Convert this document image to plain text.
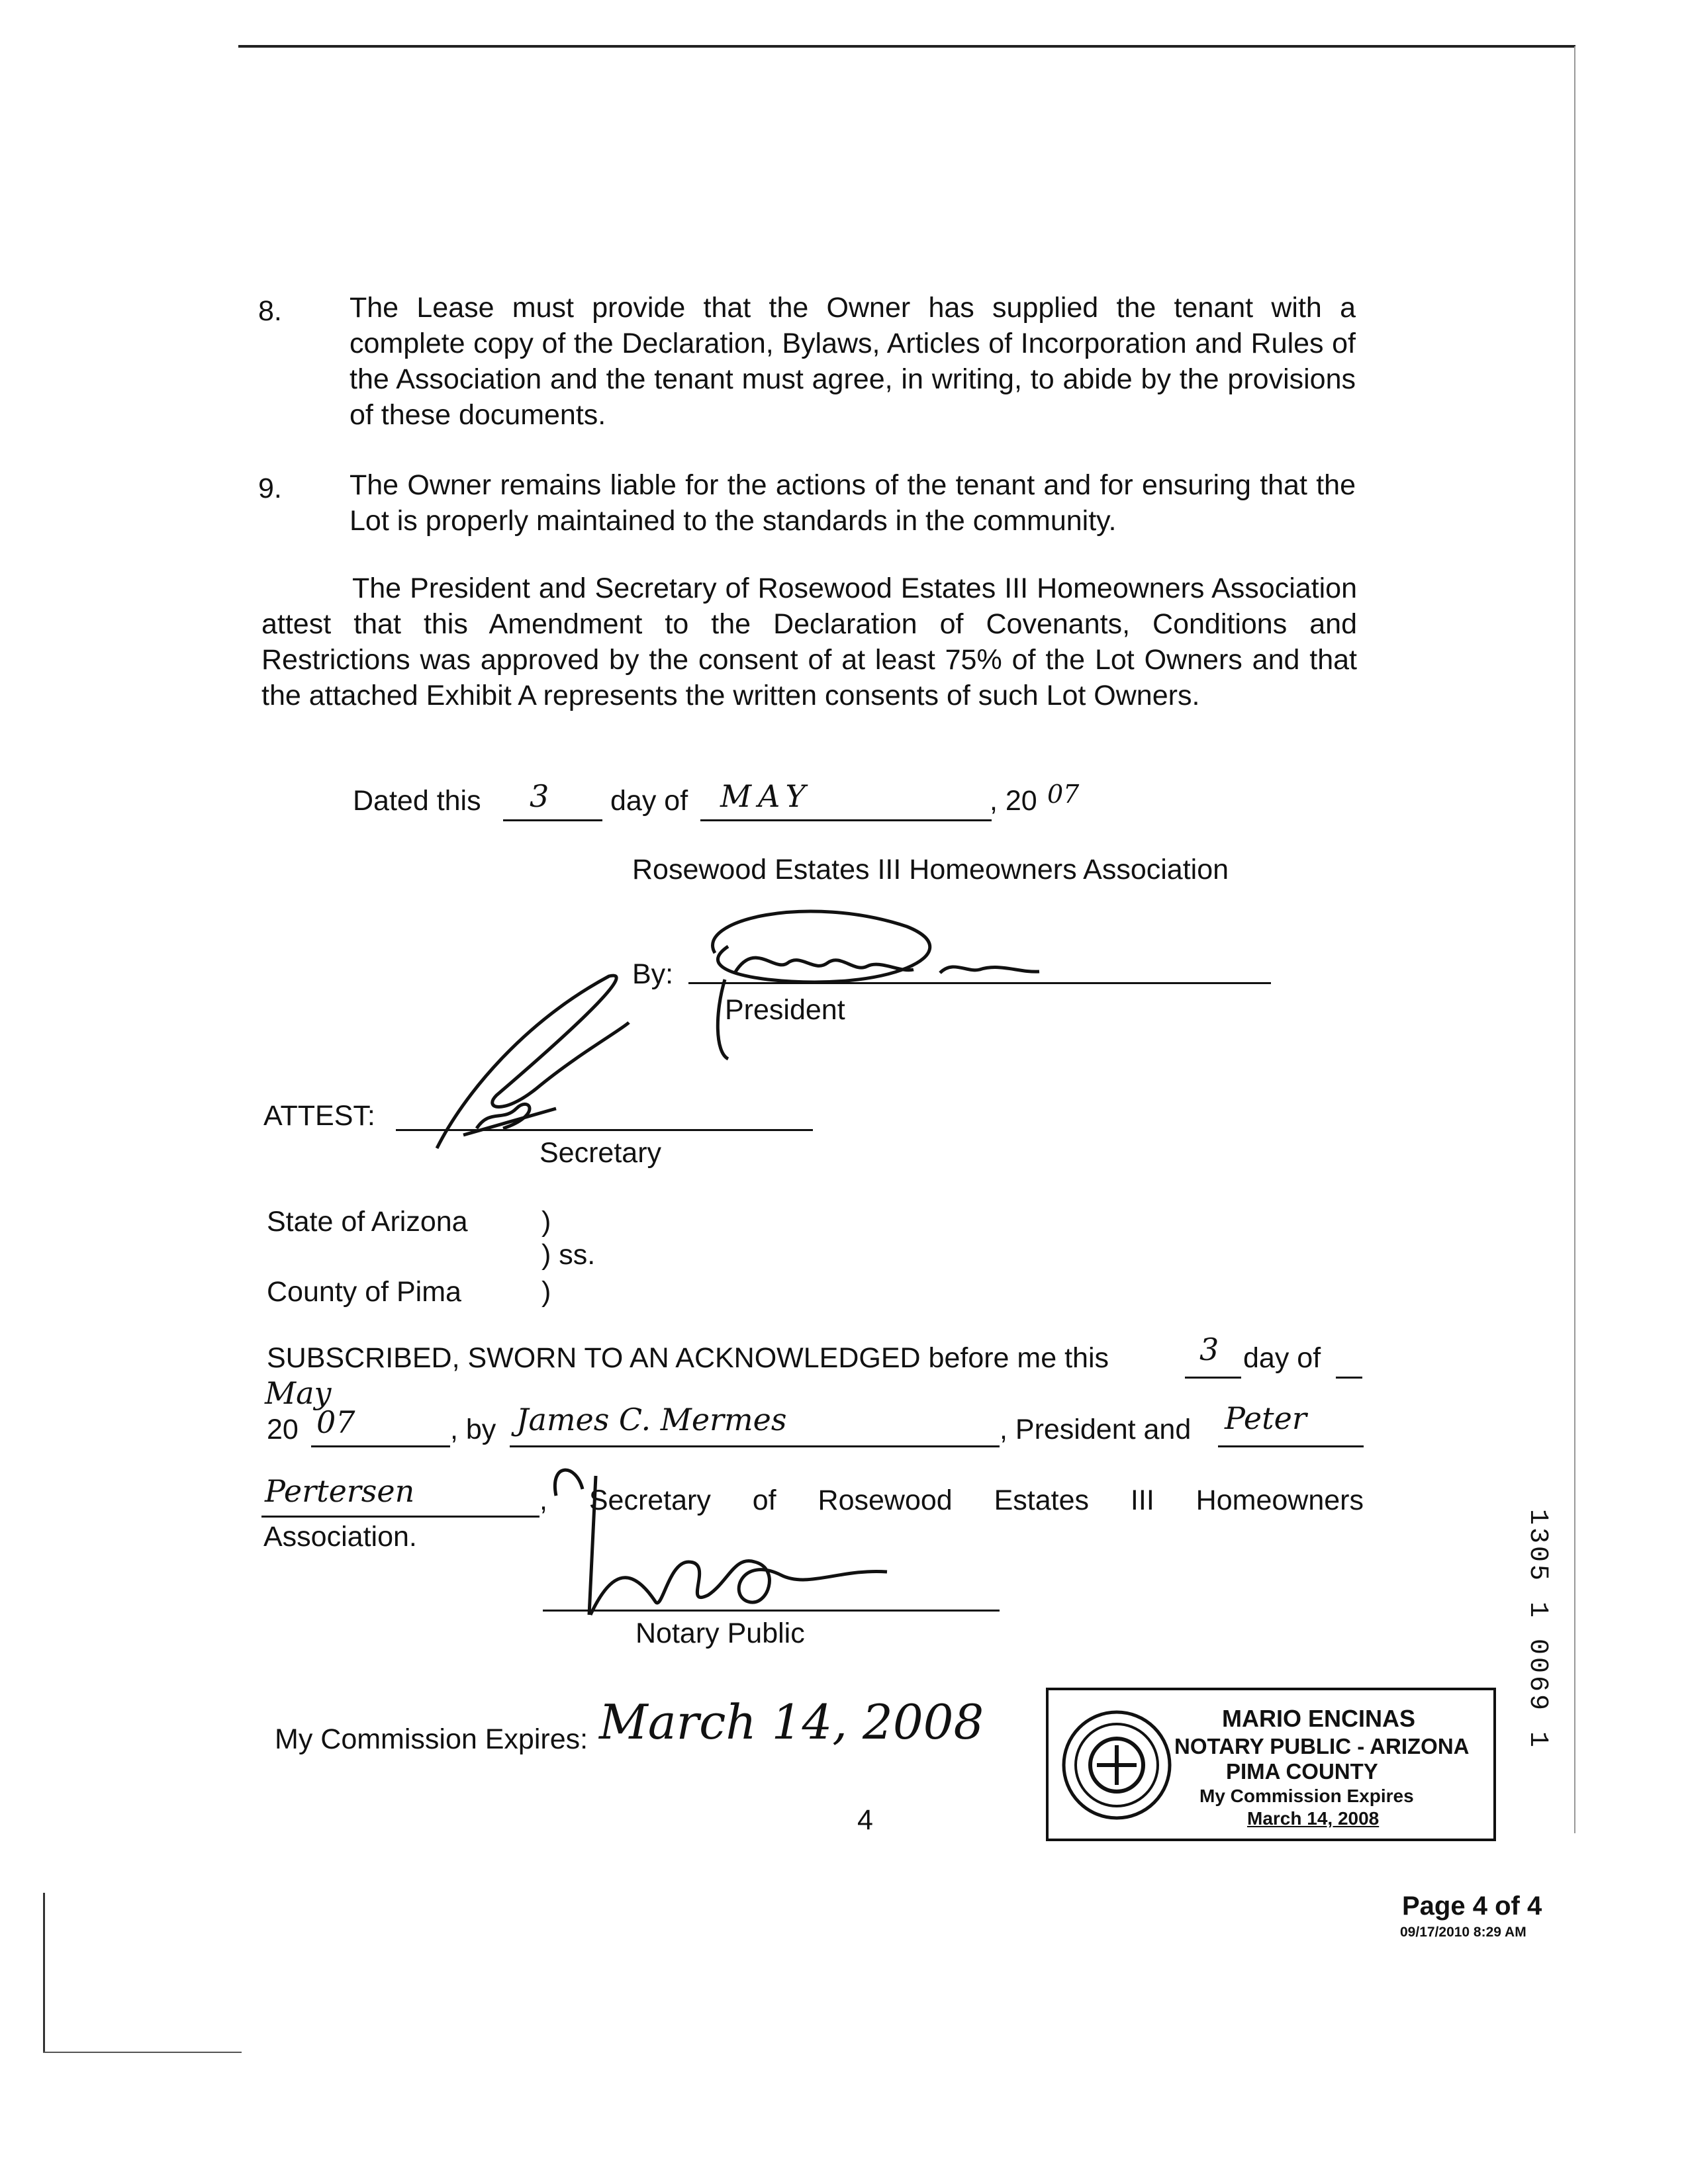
8. The Lease must provide that the Owner has supplied the tenant with a complete copy of the Declaration, Bylaws, Articles of Incorporation and Rules of the Association and the tenant must agree, in writing, to abide by the provisions of these documents.
9. The Owner remains liable for the actions of the tenant and for ensuring that the Lot is properly maintained to the standards in the community.
The President and Secretary of Rosewood Estates III Homeowners Association attest that this Amendment to the Declaration of Covenants, Conditions and Restrictions was approved by the consent of at least 75% of the Lot Owners and that the attached Exhibit A represents the written consents of such Lot Owners.
Dated this 3 day of MAY	, 20 07
Rosewood Estates III Homeowners Association
By:
President
ATTEST:
Secretary
State of Arizona	)
) ss.
County of Pima	)
SUBSCRIBED, SWORN TO AN ACKNOWLEDGED before me this	3 day of
May
20 07	, by James C. Mermes	, President and Peter
Pertersen	, Secretary of Rosewood Estates III Homeowners
Association.
Notary Public
My Commission Expires: March 14, 2008
4
MARIO ENCINAS
NOTARY PUBLIC - ARIZONA
PIMA COUNTY
My Commission Expires
March 14, 2008
1305 1 0069 1
Page 4 of 4
09/17/2010 8:29 AM
